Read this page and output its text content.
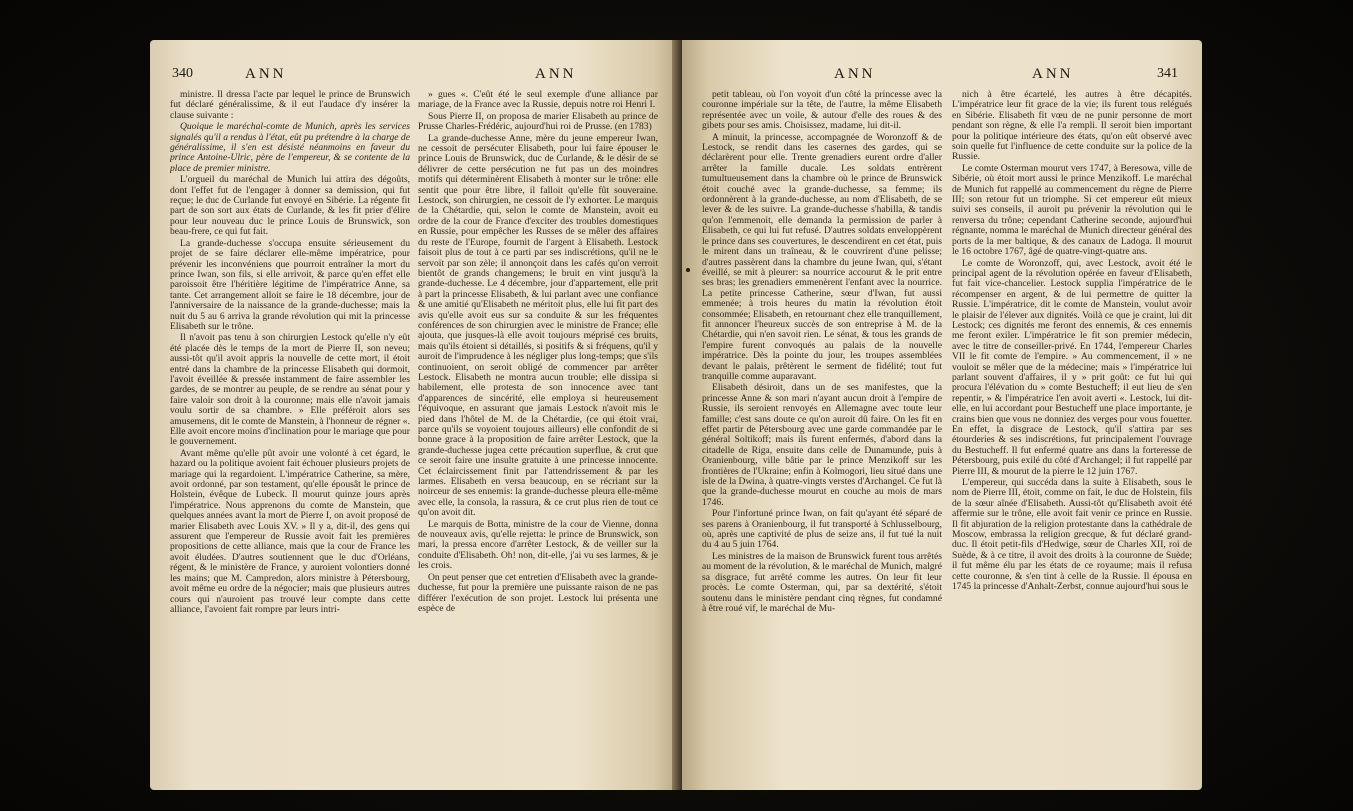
340	ANN	ANN

ministre. Il dressa l'acte par lequel le prince de Brunswich fut déclaré généralissime, & il eut l'audace d'y insérer la clause suivante :

Quoique le maréchal-comte de Munich, après les services signalés qu'il a rendus à l'état, eût pu prétendre à la charge de généralissime, il s'en est désisté néanmoins en faveur du prince Antoine-Ulric, père de l'empereur, & se contente de la place de premier ministre.

L'orgueil du maréchal de Munich lui attira des dégoûts, dont l'effet fut de l'engager à donner sa demission, qui fut reçue; le duc de Curlande fut envoyé en Sibérie. La régente fit part de son sort aux états de Curlande, & les fit prier d'élire pour leur nouveau duc le prince Louis de Brunswick, son beau-frere, ce qui fut fait.

La grande-duchesse s'occupa ensuite sérieusement du projet de se faire déclarer elle-même impératrice, pour prévenir les inconvéniens que pourroit entraîner la mort du prince Iwan, son fils, si elle arrivoit, & parce qu'en effet elle paroissoit être l'héritière légitime de l'impératrice Anne, sa tante. Cet arrangement alloit se faire le 18 décembre, jour de l'anniversaire de la naissance de la grande-duchesse; mais la nuit du 5 au 6 arriva la grande révolution qui mit la princesse Elisabeth sur le trône.

Il n'avoit pas tenu à son chirurgien Lestock qu'elle n'y eût été placée dès le temps de la mort de Pierre II, son neveu; aussi-tôt qu'il avoit appris la nouvelle de cette mort, il étoit entré dans la chambre de la princesse Elisabeth qui dormoit, l'avoit éveillée & pressée instamment de faire assembler les gardes, de se montrer au peuple, de se rendre au sénat pour y faire valoir son droit à la couronne; mais elle n'avoit jamais voulu sortir de sa chambre. » Elle préféroit alors ses amusemens, dit le comte de Manstein, à l'honneur de régner «. Elle avoit encore moins d'inclination pour le mariage que pour le gouvernement.

Avant même qu'elle pût avoir une volonté à cet égard, le hazard ou la politique avoient fait échouer plusieurs projets de mariage qui la regardoient. L'impératrice Catherine, sa mère, avoit ordonné, par son testament, qu'elle épousât le prince de Holstein, évêque de Lubeck. Il mourut quinze jours après l'impératrice. Nous apprenons du comte de Manstein, que quelques années avant la mort de Pierre I, on avoit proposé de marier Elisabeth avec Louis XV. » Il y a, dit-il, des gens qui assurent que l'empereur de Russie avoit fait les premières propositions de cette alliance, mais que la cour de France les avoit éludées. D'autres soutiennent que le duc d'Orléans, régent, & le ministère de France, y auroient volontiers donné les mains; que M. Campredon, alors ministre à Pétersbourg, avoit même eu ordre de la négocier; mais que plusieurs autres cours qui n'auroient pas trouvé leur compte dans cette alliance, l'avoient fait rompre par leurs intri-

» gues «. C'eût été le seul exemple d'une alliance par mariage, de la France avec la Russie, depuis notre roi Henri I.

Sous Pierre II, on proposa de marier Elisabeth au prince de Prusse Charles-Frédéric, aujourd'hui roi de Prusse. (en 1783)

La grande-duchesse Anne, mère du jeune empereur Iwan, ne cessoit de persécuter Elisabeth, pour lui faire épouser le prince Louis de Brunswick, duc de Curlande, & le désir de se délivrer de cette persécution ne fut pas un des moindres motifs qui déterminèrent Elisabeth à monter sur le trône: elle sentit que pour être libre, il falloit qu'elle fût souveraine. Lestock, son chirurgien, ne cessoit de l'y exhorter. Le marquis de la Chétardie, qui, selon le comte de Manstein, avoit eu ordre de la cour de France d'exciter des troubles domestiques en Russie, pour empêcher les Russes de se mêler des affaires du reste de l'Europe, fournit de l'argent à Elisabeth. Lestock faisoit plus de tout à ce parti par ses indiscrétions, qu'il ne le servoit par son zèle; il annonçoit dans les cafés qu'on verroit bientôt de grands changemens; le bruit en vint jusqu'à la grande-duchesse. Le 4 décembre, jour d'appartement, elle prit à part la princesse Elisabeth, & lui parlant avec une confiance & une amitié qu'Elisabeth ne méritoit plus, elle lui fit part des avis qu'elle avoit eus sur sa conduite & sur les fréquentes conférences de son chirurgien avec le ministre de France; elle ajouta, que jusques-là elle avoit toujours méprisé ces bruits, mais qu'ils étoient si détaillés, si positifs & si fréquens, qu'il y auroit de l'imprudence à les négliger plus long-temps; que s'ils continuoient, on seroit obligé de commencer par arrêter Lestock. Elisabeth ne montra aucun trouble; elle dissipa si habilement, elle protesta de son innocence avec tant d'apparences de sincérité, elle employa si heureusement l'équivoque, en assurant que jamais Lestock n'avoit mis le pied dans l'hôtel de M. de la Chétardie, (ce qui étoit vrai, parce qu'ils se voyoient toujours ailleurs) elle confondit de si bonne grace à la proposition de faire arrêter Lestock, que la grande-duchesse jugea cette précaution superflue, & crut que ce seroit faire une insulte gratuite à une princesse innocente. Cet éclaircissement finit par l'attendrissement & par les larmes. Elisabeth en versa beaucoup, en se récriant sur la noirceur de ses ennemis: la grande-duchesse pleura elle-même avec elle, la consola, la rassura, & ce crut plus rien de tout ce qu'on avoit dit.

Le marquis de Botta, ministre de la cour de Vienne, donna de nouveaux avis, qu'elle rejetta: le prince de Brunswick, son mari, la pressa encore d'arrêter Lestock, & de veiller sur la conduite d'Elisabeth. Oh! non, dit-elle, j'ai vu ses larmes, & je les crois.

On peut penser que cet entretien d'Elisabeth avec la grande-duchesse, fut pour la première une puissante raison de ne pas différer l'exécution de son projet. Lestock lui présenta une espèce de

ANN	ANN	341

petit tableau, où l'on voyoit d'un côté la princesse avec la couronne impériale sur la tête, de l'autre, la même Elisabeth représentée avec un voile, & autour d'elle des roues & des gibets pour ses amis. Choisissez, madame, lui dit-il.

A minuit, la princesse, accompagnée de Woronzoff & de Lestock, se rendit dans les casernes des gardes, qui se déclarèrent pour elle. Trente grenadiers eurent ordre d'aller arrêter la famille ducale. Les soldats entrèrent tumultueusement dans la chambre où le prince de Brunswick étoit couché avec la grande-duchesse, sa femme; ils ordonnèrent à la grande-duchesse, au nom d'Elisabeth, de se lever & de les suivre. La grande-duchesse s'habilla, & tandis qu'on l'emmenoit, elle demanda la permission de parler à Elisabeth, ce qui lui fut refusé. D'autres soldats enveloppèrent le prince dans ses couvertures, le descendirent en cet état, puis le mirent dans un traîneau, & le couvrirent d'une pelisse; d'autres passèrent dans la chambre du jeune Iwan, qui, s'étant éveillé, se mit à pleurer: sa nourrice accourut & le prit entre ses bras; les grenadiers emmenèrent l'enfant avec la nourrice. La petite princesse Catherine, sœur d'Iwan, fut aussi emmenée; à trois heures du matin la révolution étoit consommée; Elisabeth, en retournant chez elle tranquillement, fit annoncer l'heureux succès de son entreprise à M. de la Chétardie, qui n'en savoit rien. Le sénat, & tous les grands de l'empire furent convoqués au palais de la nouvelle impératrice. Dès la pointe du jour, les troupes assemblées devant le palais, prêtèrent le serment de fidélité; tout fut tranquille comme auparavant.

Elisabeth désiroit, dans un de ses manifestes, que la princesse Anne & son mari n'ayant aucun droit à l'empire de Russie, ils seroient renvoyés en Allemagne avec toute leur famille; c'est sans doute ce qu'on auroit dû faire. On les fit en effet partir de Pétersbourg avec une garde commandée par le général Soltikoff; mais ils furent enfermés, d'abord dans la citadelle de Riga, ensuite dans celle de Dunamunde, puis à Oranienbourg, ville bâtie par le prince Menzikoff sur les frontières de l'Ukraine; enfin à Kolmogori, lieu situé dans une isle de la Dwina, à quatre-vingts verstes d'Archangel. Ce fut là que la grande-duchesse mourut en couche au mois de mars 1746.

Pour l'infortuné prince Iwan, on fait qu'ayant été séparé de ses parens à Oranienbourg, il fut transporté à Schlusselbourg, où, après une captivité de plus de seize ans, il fut tué la nuit du 4 au 5 juin 1764.

Les ministres de la maison de Brunswick furent tous arrêtés au moment de la révolution, & le maréchal de Munich, malgré sa disgrace, fut arrêté comme les autres. On leur fit leur procès. Le comte Osterman, qui, par sa dextérité, s'étoit soutenu dans le ministère pendant cinq règnes, fut condamné à être roué vif, le maréchal de Mu-

nich à être écartelé, les autres à être décapités. L'impératrice leur fit grace de la vie; ils furent tous relégués en Sibérie. Elisabeth fit vœu de ne punir personne de mort pendant son règne, & elle l'a rempli. Il seroit bien important pour la politique intérieure des états, qu'on eût observé avec soin quelle fut l'influence de cette conduite sur la police de la Russie.

Le comte Osterman mourut vers 1747, à Beresowa, ville de Sibérie, où étoit mort aussi le prince Menzikoff. Le maréchal de Munich fut rappellé au commencement du règne de Pierre III; son retour fut un triomphe. Si cet empereur eût mieux suivi ses conseils, il auroit pu prévenir la révolution qui le renversa du trône; cependant Catherine seconde, aujourd'hui régnante, nomma le maréchal de Munich directeur général des ports de la mer baltique, & des canaux de Ladoga. Il mourut le 16 octobre 1767, âgé de quatre-vingt-quatre ans.

Le comte de Woronzoff, qui, avec Lestock, avoit été le principal agent de la révolution opérée en faveur d'Elisabeth, fut fait vice-chancelier. Lestock supplia l'impératrice de le récompenser en argent, & de lui permettre de quitter la Russie. L'impératrice, dit le comte de Manstein, voulut avoir le plaisir de l'élever aux dignités. Voilà ce que je craint, lui dit Lestock; ces dignités me feront des ennemis, & ces ennemis me feront exiler. L'impératrice le fit son premier médecin, avec le titre de conseiller-privé. En 1744, l'empereur Charles VII le fit comte de l'empire. » Au commencement, il » ne vouloit se mêler que de la médecine; mais » l'impératrice lui parlant souvent d'affaires, il y » prit goût: ce fut lui qui procura l'élévation du » comte Bestucheff; il eut lieu de s'en repentir, » & l'impératrice l'en avoit averti «. Lestock, lui dit-elle, en lui accordant pour Bestucheff une place importante, je crains bien que vous ne donniez des verges pour vous fouetter. En effet, la disgrace de Lestock, qu'il s'attira par ses étourderies & ses indiscrétions, fut principalement l'ouvrage du Bestucheff. Il fut enfermé quatre ans dans la forteresse de Pétersbourg, puis exilé du côté d'Archangel; il fut rappellé par Pierre III, & mourut de la pierre le 12 juin 1767.

L'empereur, qui succéda dans la suite à Elisabeth, sous le nom de Pierre III, étoit, comme on fait, le duc de Holstein, fils de la sœur aînée d'Elisabeth. Aussi-tôt qu'Elisabeth avoit été affermie sur le trône, elle avoit fait venir ce prince en Russie. Il fit abjuration de la religion protestante dans la cathédrale de Moscow, embrassa la religion grecque, & fut déclaré grand-duc. Il étoit petit-fils d'Hedwige, sœur de Charles XII, roi de Suède, & à ce titre, il avoit des droits à la couronne de Suède; il fut même élu par les états de ce royaume; mais il refusa cette couronne, & s'en tint à celle de la Russie. Il épousa en 1745 la princesse d'Anhalt-Zerbst, connue aujourd'hui sous le
